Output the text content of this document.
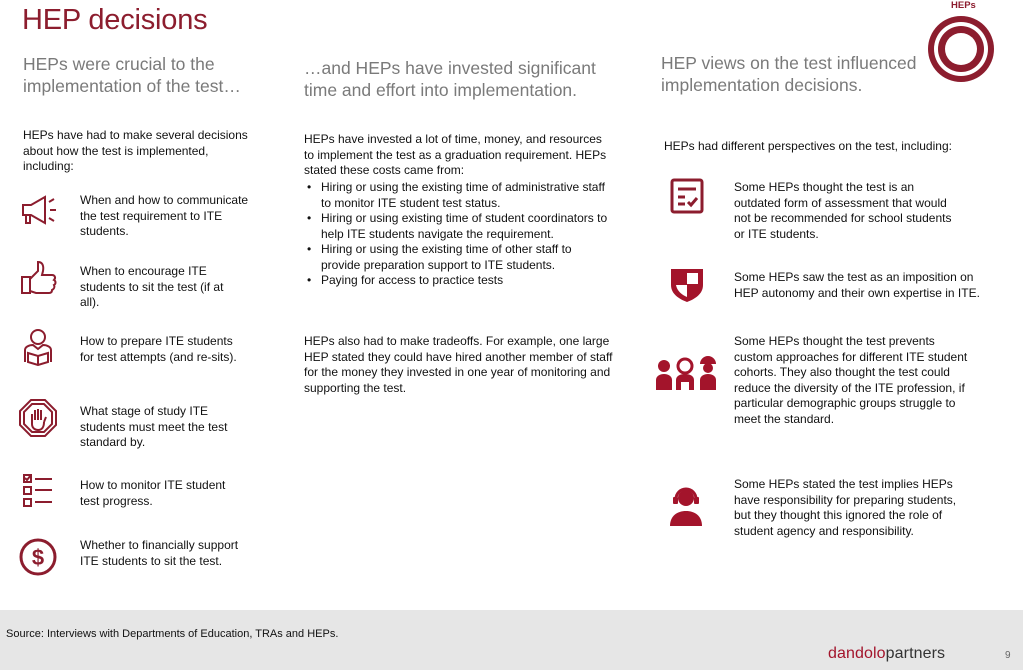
HEP decisions	HEPs
HEPs were crucial to the implementation of the test…
HEPs have had to make several decisions about how the test is implemented, including:
When and how to communicate the test requirement to ITE students.
When to encourage ITE students to sit the test (if at all).
How to prepare ITE students for test attempts (and re-sits).
What stage of study ITE students must meet the test standard by.
How to monitor ITE student test progress.
$	Whether to financially support ITE students to sit the test.
…and HEPs have invested significant time and effort into implementation.
HEPs have invested a lot of time, money, and resources to implement the test as a graduation requirement. HEPs stated these costs came from:
• Hiring or using the existing time of administrative staff to monitor ITE student test status.
• Hiring or using existing time of student coordinators to help ITE students navigate the requirement.
• Hiring or using the existing time of other staff to provide preparation support to ITE students.
• Paying for access to practice tests
HEPs also had to make tradeoffs. For example, one large HEP stated they could have hired another member of staff for the money they invested in one year of monitoring and supporting the test.
HEP views on the test influenced implementation decisions.
HEPs had different perspectives on the test, including:
Some HEPs thought the test is an outdated form of assessment that would not be recommended for school students or ITE students.
Some HEPs saw the test as an imposition on HEP autonomy and their own expertise in ITE.
Some HEPs thought the test prevents custom approaches for different ITE student cohorts. They also thought the test could reduce the diversity of the ITE profession, if particular demographic groups struggle to meet the standard.
Some HEPs stated the test implies HEPs have responsibility for preparing students, but they thought this ignored the role of student agency and responsibility.
Source: Interviews with Departments of Education, TRAs and HEPs.
dandolopartners	9
